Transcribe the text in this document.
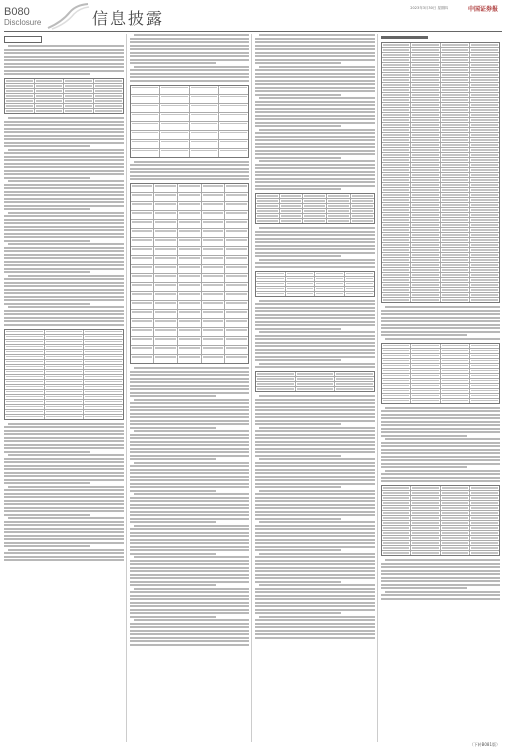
B080
Disclosure	信息披露
2023年3月30日 星期四	中国证券报
（下转B081版）
